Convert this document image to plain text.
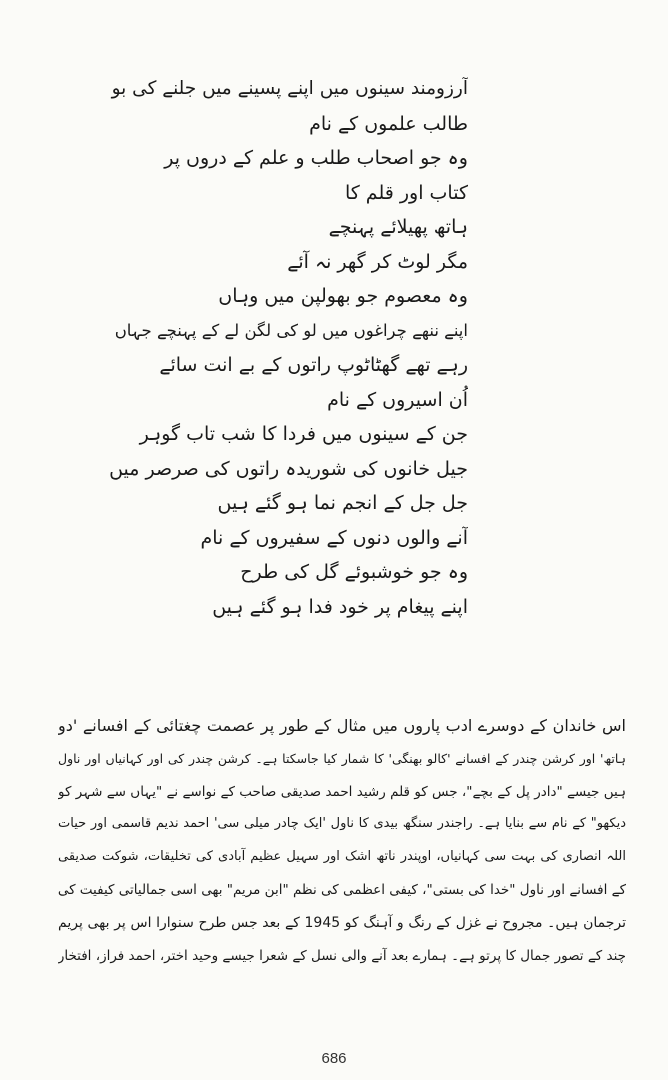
آرزومند سینوں میں اپنے پسینے میں جلنے کی بو
طالب علموں کے نام
وہ جو اصحاب طلب و علم کے دروں پر
کتاب اور قلم کا
ہاتھ پھیلائے پہنچے
مگر لوٹ کر گھر نہ آئے
وہ معصوم جو بھولپن میں وہاں
اپنے ننھے چراغوں میں لو کی لگن لے کے پہنچے جہاں
رہے تھے گھٹاٹوپ راتوں کے بے انت سائے
اُن اسیروں کے نام
جن کے سینوں میں فردا کا شب تاب گوہر
جیل خانوں کی شوریدہ راتوں کی صرصر میں
جل جل کے انجم نما ہو گئے ہیں
آنے والوں دنوں کے سفیروں کے نام
وہ جو خوشبوئے گل کی طرح
اپنے پیغام پر خود فدا ہو گئے ہیں
اس خاندان کے دوسرے ادب پاروں میں مثال کے طور پر عصمت چغتائی کے افسانے 'دو
ہاتھ' اور کرشن چندر کے افسانے 'کالو بھنگی' کا شمار کیا جاسکتا ہے۔ کرشن چندر کی اور کہانیاں اور ناول
ہیں جیسے "دادر پل کے بچے"، جس کو قلم رشید احمد صدیقی صاحب کے نواسے نے "یہاں سے شہر کو
دیکھو" کے نام سے بنایا ہے۔ راجندر سنگھ بیدی کا ناول 'ایک چادر میلی سی' احمد ندیم قاسمی اور حیات
اللہ انصاری کی بہت سی کہانیاں، اوپندر ناتھ اشک اور سہیل عظیم آبادی کی تخلیقات، شوکت صدیقی
کے افسانے اور ناول "خدا کی بستی"، کیفی اعظمی کی نظم "ابن مریم" بھی اسی جمالیاتی کیفیت کی
ترجمان ہیں۔ مجروح نے غزل کے رنگ و آہنگ کو 1945 کے بعد جس طرح سنوارا اس پر بھی پریم
چند کے تصور جمال کا پرتو ہے۔ ہمارے بعد آنے والی نسل کے شعرا جیسے وحید اختر، احمد فراز، افتخار
686
